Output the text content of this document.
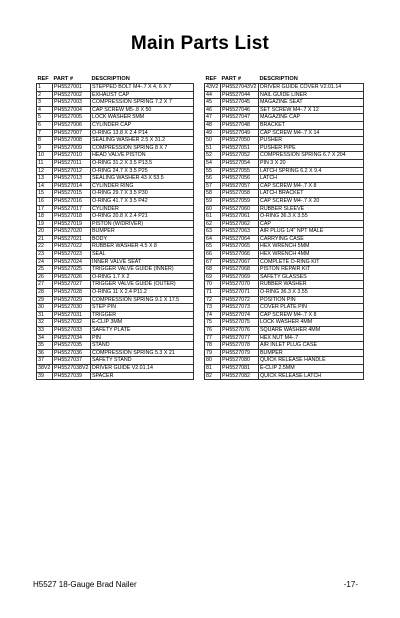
Main Parts List
REF	PART #	DESCRIPTION
1	PH5527001	STEPPED BOLT M4-.7 X 4, 6 X 7
2	PH5527002	EXHAUST CAP
3	PH5527003	COMPRESSION SPRING 7.2 X 7
4	PH5527004	CAP SCREW M5-.8 X 50
5	PH5527005	LOCK WASHER 5MM
6	PH5527006	CYLINDER CAP
7	PH5527007	O-RING 13.8 X 2.4 P14
8	PH5527008	SEALING WASHER 2.5 X 31.2
9	PH5527009	COMPRESSION SPRING 8 X 7
10	PH5527010	HEAD VALVE PISTON
11	PH5527011	O-RING 31.2 X 3.5 P13.5
12	PH5527012	O-RING 24.7 X 3.5 P25
13	PH5527013	SEALING WASHER 43 X 53.5
14	PH5527014	CYLINDER RING
15	PH5527015	O-RING 29.7 X 3.5 P30
16	PH5527016	O-RING 41.7 X 3.5 P42
17	PH5527017	CYLINDER
18	PH5527018	O-RING 20.8 X 2.4 P21
19	PH5527019	PISTON (W/DRIVER)
20	PH5527020	BUMPER
21	PH5527021	BODY
22	PH5527022	RUBBER WASHER 4.5 X 8
23	PH5527023	SEAL
24	PH5527024	INNER VALVE SEAT
25	PH5527025	TRIGGER VALVE GUIDE (INNER)
26	PH5527026	O-RING 1.7 X 2
27	PH5527027	TRIGGER VALVE GUIDE (OUTER)
28	PH5527028	O-RING 11 X 2.4 P11.2
29	PH5527029	COMPRESSION SPRING 9.1 X 17.5
30	PH5527030	STEP PIN
31	PH5527031	TRIGGER
32	PH5527032	E-CLIP 3MM
33	PH5527033	SAFETY PLATE
34	PH5527034	PIN
35	PH5527035	STAND
36	PH5527036	COMPRESSION SPRING 5.3 X 21
37	PH5527037	SAFETY STAND
38V2	PH5527038V2	DRIVER GUIDE V2.01.14
39	PH5527039	SPACER
REF	PART #	DESCRIPTION
43V2	PH5527043V2	DRIVER GUIDE COVER V2.01.14
44	PH5527044	NAIL GUIDE LINER
45	PH5527045	MAGAZINE SEAT
46	PH5527046	SET SCREW M4-.7 X 12
47	PH5527047	MAGAZINE CAP
48	PH5527048	BRACKET
49	PH5527049	CAP SCREW M4-.7 X 14
50	PH5527050	PUSHER
51	PH5527051	PUSHER PIPE
52	PH5527052	COMPRESSION SPRING 6.7 X 204
54	PH5527054	PIN 3 X 20
55	PH5527055	LATCH SPRING 6.2 X 9.4
56	PH5527056	LATCH
57	PH5527057	CAP SCREW M4-.7 X 8
58	PH5527058	LATCH BRACKET
59	PH5527059	CAP SCREW M4-.7 X 20
60	PH5527060	RUBBER SLEEVE
61	PH5527061	O-RING 36.3 X 3.55
62	PH5527062	CAP
63	PH5527063	AIR PLUG 1/4" NPT MALE
64	PH5527064	CARRYING CASE
65	PH5527065	HEX WRENCH 5MM
66	PH5527066	HEX WRENCH 4MM
67	PH5527067	COMPLETE O-RING KIT
68	PH5527068	PISTON REPAIR KIT
69	PH5527069	SAFETY GLASSES
70	PH5527070	RUBBER WASHER
71	PH5527071	O-RING 36.3 X 3.55
72	PH5527072	POSITION PIN
73	PH5527073	COVER PLATE PIN
74	PH5527074	CAP SCREW M4-.7 X 8
75	PH5527075	LOCK WASHER 4MM
76	PH5527076	SQUARE WASHER 4MM
77	PH5527077	HEX NUT M4-.7
78	PH5527078	AIR INLET PLUG CASE
79	PH5527079	BUMPER
80	PH5527080	QUICK RELEASE HANDLE
81	PH5527081	E-CLIP 2.5MM
82	PH5527082	QUICK RELEASE LATCH
H5527 18-Gauge Brad Nailer	-17-
